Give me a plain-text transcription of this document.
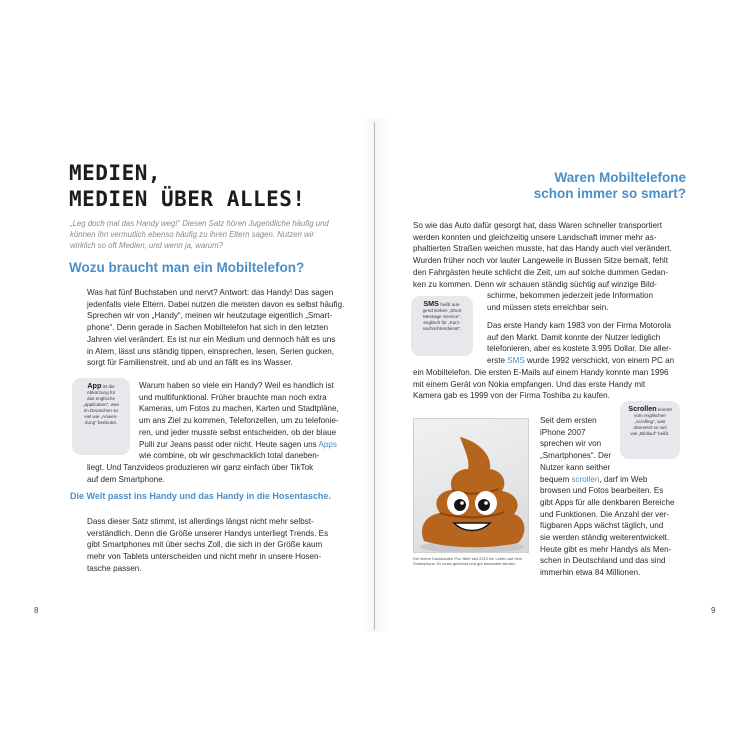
MEDIEN,
MEDIEN ÜBER ALLES!
„Leg doch mal das Handy weg!“ Diesen Satz hören Jugendliche häufig und
können ihn vermutlich ebenso häufig zu ihren Eltern sagen. Nutzen wir
wirklich so oft Medien, und wenn ja, warum?
Wozu braucht man ein Mobiltelefon?
Was hat fünf Buchstaben und nervt? Antwort: das Handy! Das sagen
jedenfalls viele Eltern. Dabei nutzen die meisten davon es selbst häufig.
Sprechen wir von „Handy“, meinen wir heutzutage eigentlich „Smart-
phone“. Denn gerade in Sachen Mobiltelefon hat sich in den letzten
Jahren viel verändert. Es ist nur ein Medium und dennoch hält es uns
in Atem, lässt uns ständig tippen, einsprechen, lesen, Serien gucken,
sorgt für Familienstreit, und ab und an fällt es ins Wasser.
App ist die
Abkürzung für
das englische
„application“, was
im Deutschen so
viel wie „Anwen-
dung“ bedeutet.
Warum haben so viele ein Handy? Weil es handlich ist
und multifunktional. Früher brauchte man noch extra
Kameras, um Fotos zu machen, Karten und Stadtpläne,
um ans Ziel zu kommen, Telefonzellen, um zu telefonie-
ren, und jeder musste selbst entscheiden, ob der blaue
Pulli zur Jeans passt oder nicht. Heute sagen uns Apps
wie combine, ob wir geschmacklich total daneben-
liegt. Und Tanzvideos produzieren wir ganz einfach über TikTok
auf dem Smartphone.
Die Welt passt ins Handy und das Handy in die Hosentasche.
Dass dieser Satz stimmt, ist allerdings längst nicht mehr selbst-
verständlich. Denn die Größe unserer Handys unterliegt Trends. Es
gibt Smartphones mit über sechs Zoll, die sich in der Größe kaum
mehr von Tablets unterscheiden und nicht mehr in unsere Hosen-
tasche passen.
8
Waren Mobiltelefone
schon immer so smart?
So wie das Auto dafür gesorgt hat, dass Waren schneller transportiert
werden konnten und gleichzeitig unsere Landschaft immer mehr as-
phaltierten Straßen weichen musste, hat das Handy auch viel verändert.
Wurden früher noch vor lauter Langeweile in Bussen Sitze bemalt, fehlt
den Fahrgästen heute schlicht die Zeit, um auf solche dummen Gedan-
ken zu kommen. Denn wir schauen ständig süchtig auf winzige Bild-
SMS heißt aus-
geschrieben „Short
Message Service“,
englisch für „Kurz-
nachrichtendienst“.
schirme, bekommen jederzeit jede Information
und müssen stets erreichbar sein.
Das erste Handy kam 1983 von der Firma Motorola
auf den Markt. Damit konnte der Nutzer lediglich
telefonieren, aber es kostete 3.995 Dollar. Die aller-
erste SMS wurde 1992 verschickt, von einem PC an
ein Mobiltelefon. Die ersten E-Mails auf einem Handy konnte man 1996
mit einem Gerät von Nokia empfangen. Und das erste Handy mit
Kamera gab es 1999 von der Firma Toshiba zu kaufen.
Der kleine Kackhaufen Poo fährt seit 2012 ein Leben auf dem
Smartphone. Er muss gedrückt und gut behandelt werden.
Seit dem ersten
iPhone 2007
sprechen wir von
„Smartphones“. Der
Nutzer kann seither
bequem scrollen, darf im Web
browsen und Fotos bearbeiten. Es
gibt Apps für alle denkbaren Bereiche
und Funktionen. Die Anzahl der ver-
fügbaren Apps wächst täglich, und
sie werden ständig weiterentwickelt.
Heute gibt es mehr Handys als Men-
schen in Deutschland und das sind
immerhin etwa 84 Millionen.
Scrollen kommt
vom englischen
„scrolling“, was
übersetzt so viel
wie „Bildlauf“ heißt.
9
